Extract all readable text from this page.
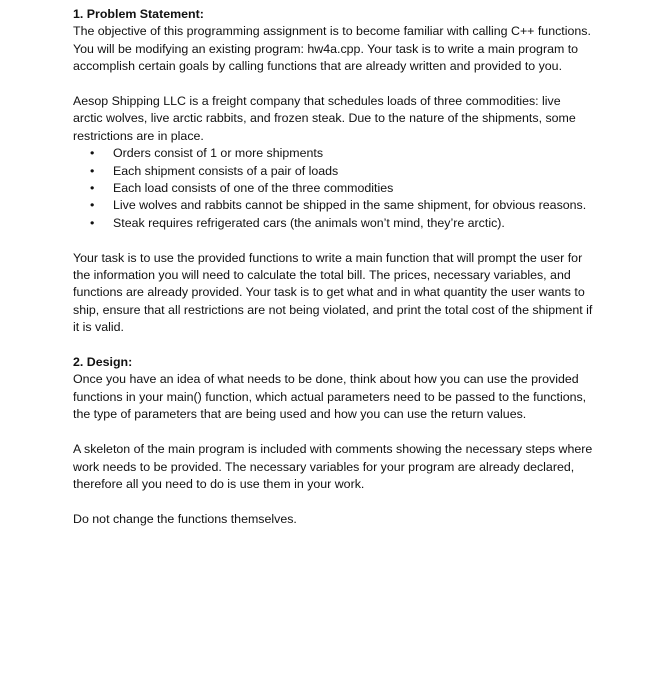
1. Problem Statement:

The objective of this programming assignment is to become familiar with calling C++ functions. You will be modifying an existing program: hw4a.cpp. Your task is to write a main program to accomplish certain goals by calling functions that are already written and provided to you.

Aesop Shipping LLC is a freight company that schedules loads of three commodities: live arctic wolves, live arctic rabbits, and frozen steak. Due to the nature of the shipments, some restrictions are in place.

• Orders consist of 1 or more shipments
• Each shipment consists of a pair of loads
• Each load consists of one of the three commodities
• Live wolves and rabbits cannot be shipped in the same shipment, for obvious reasons.
• Steak requires refrigerated cars (the animals won’t mind, they’re arctic).

Your task is to use the provided functions to write a main function that will prompt the user for the information you will need to calculate the total bill. The prices, necessary variables, and functions are already provided. Your task is to get what and in what quantity the user wants to ship, ensure that all restrictions are not being violated, and print the total cost of the shipment if it is valid.

2. Design:

Once you have an idea of what needs to be done, think about how you can use the provided functions in your main() function, which actual parameters need to be passed to the functions, the type of parameters that are being used and how you can use the return values.

A skeleton of the main program is included with comments showing the necessary steps where work needs to be provided. The necessary variables for your program are already declared, therefore all you need to do is use them in your work.

Do not change the functions themselves.
